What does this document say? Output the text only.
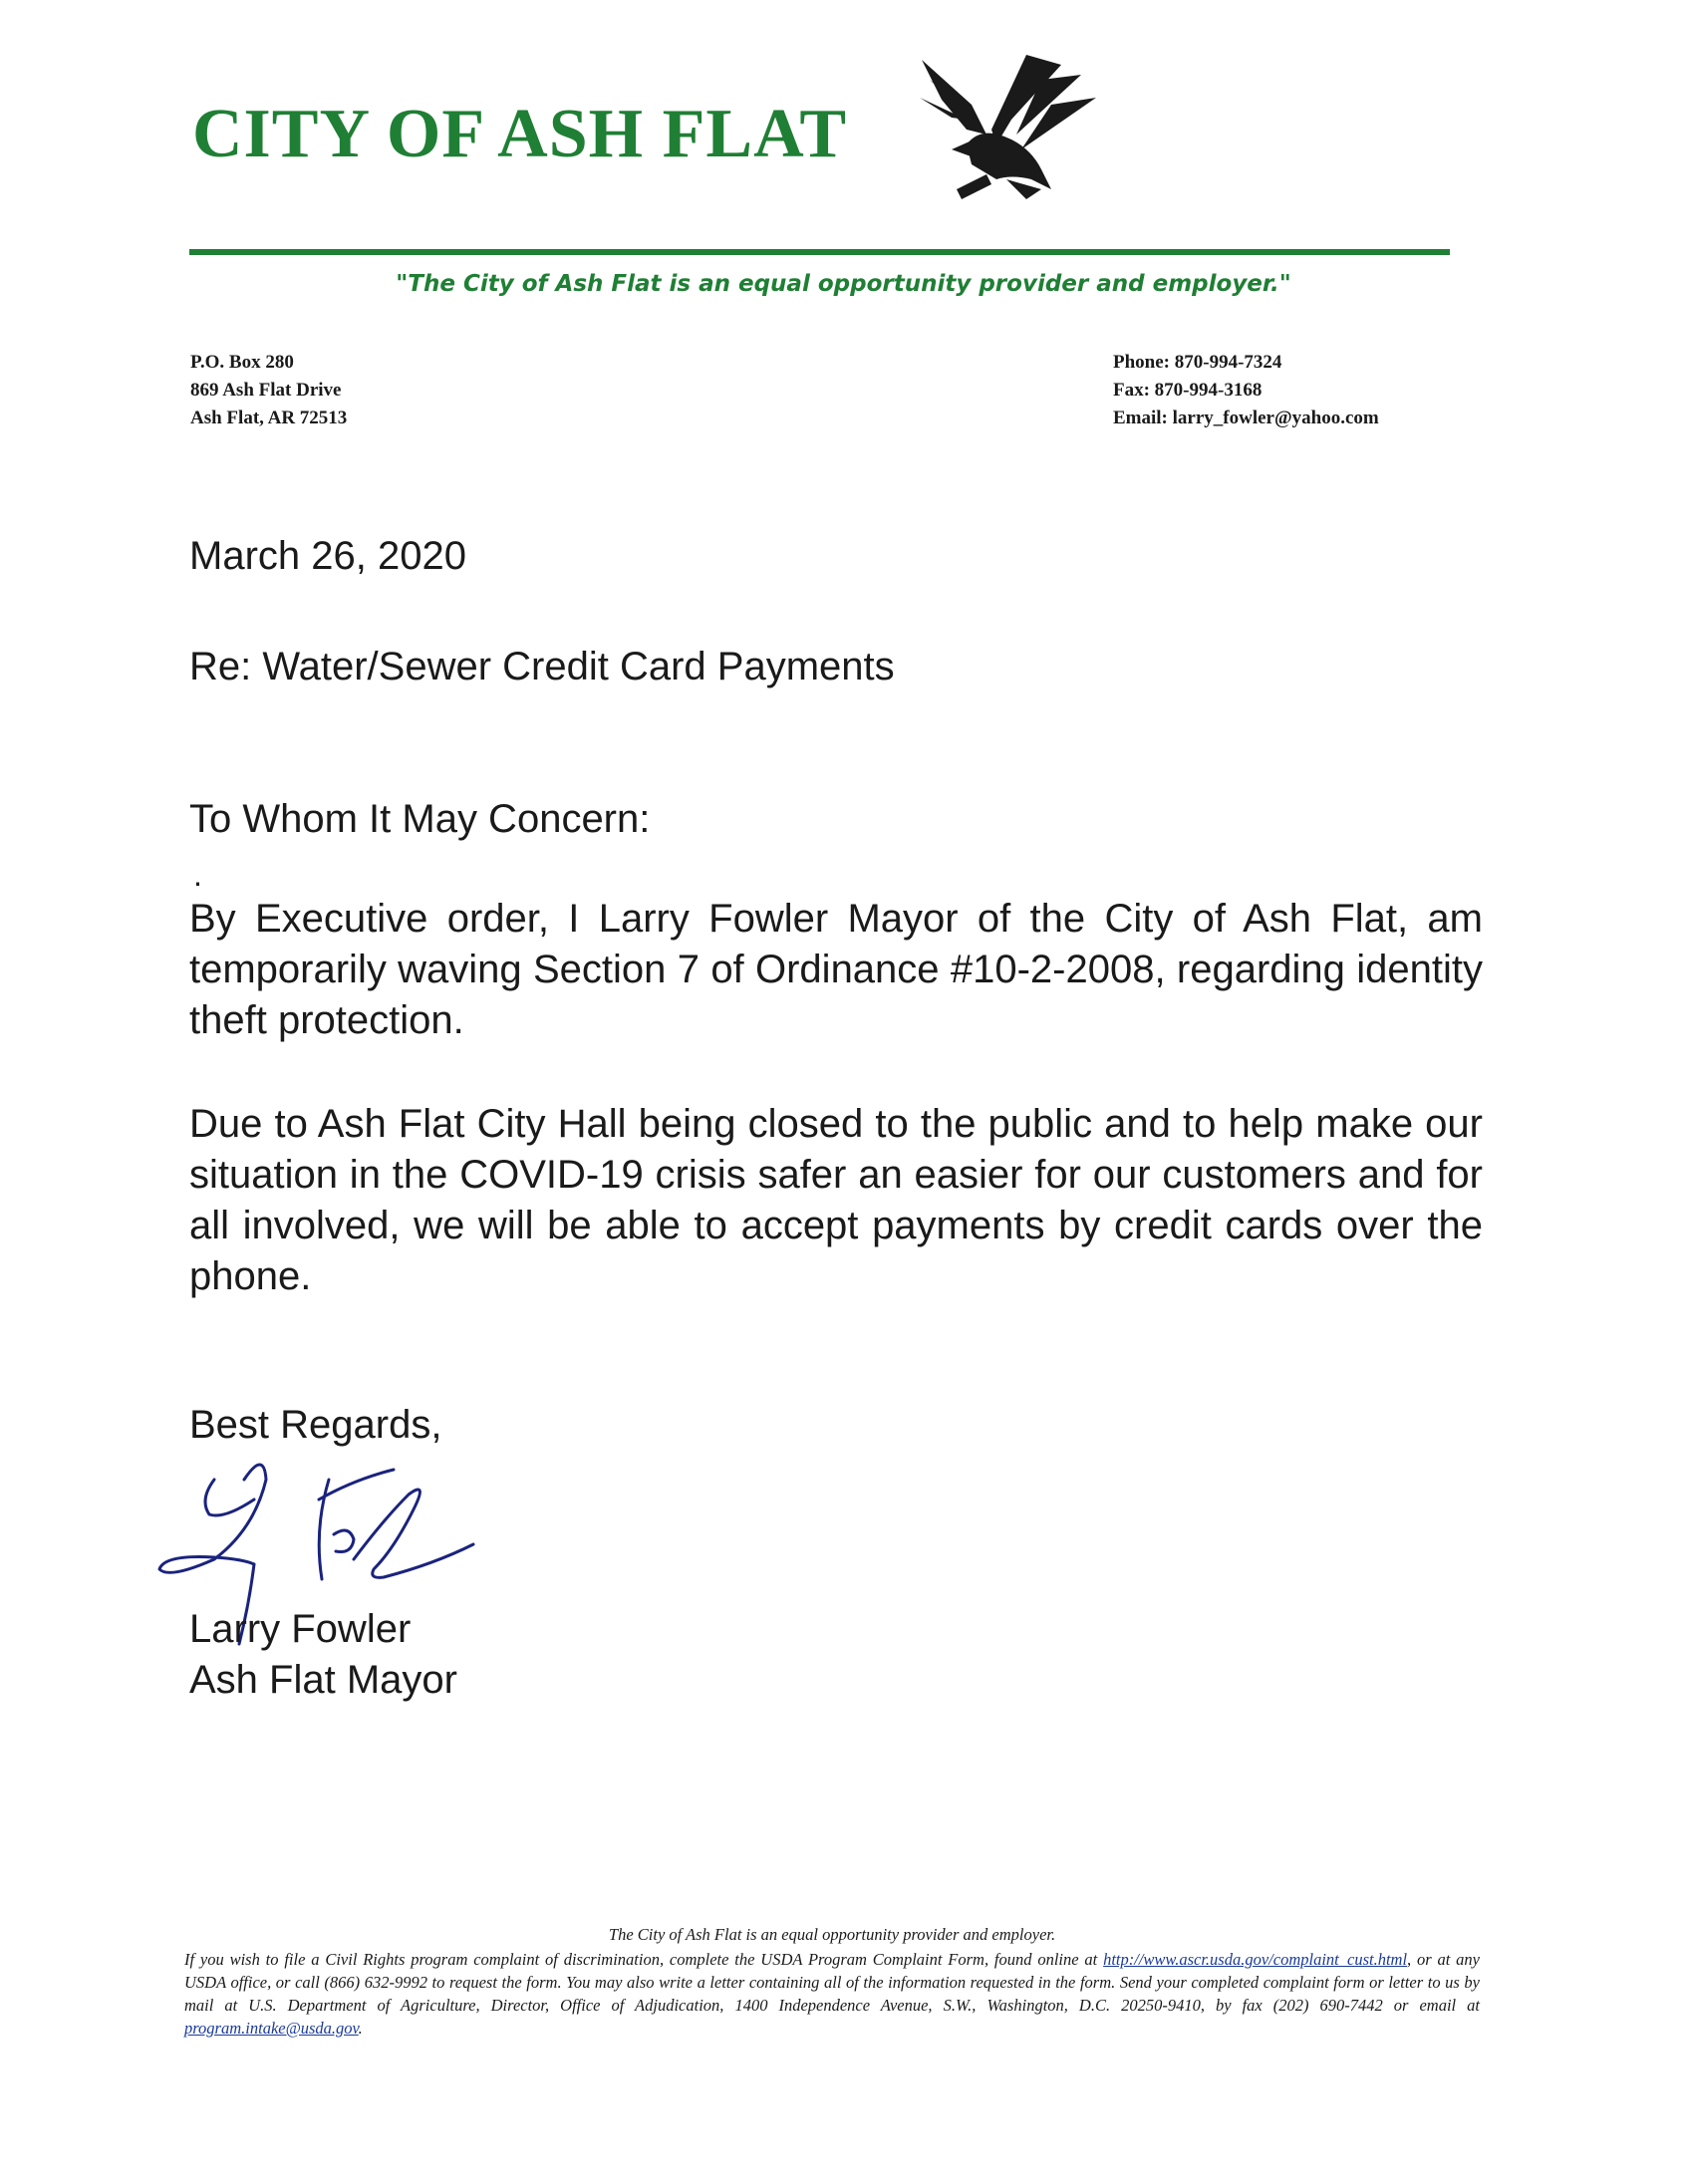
CITY OF ASH FLAT
"The City of Ash Flat is an equal opportunity provider and employer."
P.O. Box 280
869 Ash Flat Drive
Ash Flat, AR 72513
Phone: 870-994-7324
Fax: 870-994-3168
Email: larry_fowler@yahoo.com
March 26, 2020
Re: Water/Sewer Credit Card Payments
To Whom It May Concern:
.
By Executive order, I Larry Fowler Mayor of the City of Ash Flat, am temporarily waving Section 7 of Ordinance #10-2-2008, regarding identity theft protection.
Due to Ash Flat City Hall being closed to the public and to help make our situation in the COVID-19 crisis safer an easier for our customers and for all involved, we will be able to accept payments by credit cards over the phone.
Best Regards,
Larry Fowler
Ash Flat Mayor
The City of Ash Flat is an equal opportunity provider and employer.
If you wish to file a Civil Rights program complaint of discrimination, complete the USDA Program Complaint Form, found online at http://www.ascr.usda.gov/complaint_cust.html, or at any USDA office, or call (866) 632-9992 to request the form. You may also write a letter containing all of the information requested in the form. Send your completed complaint form or letter to us by mail at U.S. Department of Agriculture, Director, Office of Adjudication, 1400 Independence Avenue, S.W., Washington, D.C. 20250-9410, by fax (202) 690-7442 or email at program.intake@usda.gov.
